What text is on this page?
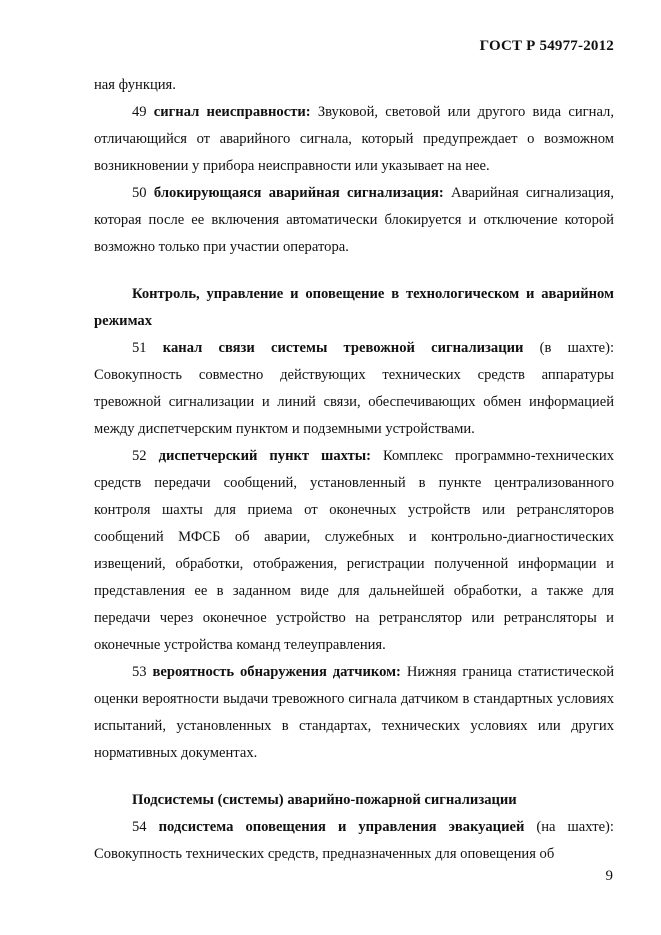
ГОСТ Р 54977-2012

ная функция.

49 сигнал неисправности: Звуковой, световой или другого вида сигнал, отличающийся от аварийного сигнала, который предупреждает о возможном возникновении у прибора неисправности или указывает на нее.

50 блокирующаяся аварийная сигнализация: Аварийная сигнализация, которая после ее включения автоматически блокируется и отключение которой возможно только при участии оператора.

Контроль, управление и оповещение в технологическом и аварийном режимах

51 канал связи системы тревожной сигнализации (в шахте): Совокупность совместно действующих технических средств аппаратуры тревожной сигнализации и линий связи, обеспечивающих обмен информацией между диспетчерским пунктом и подземными устройствами.

52 диспетчерский пункт шахты: Комплекс программно-технических средств передачи сообщений, установленный в пункте централизованного контроля шахты для приема от оконечных устройств или ретрансляторов сообщений МФСБ об аварии, служебных и контрольно-диагностических извещений, обработки, отображения, регистрации полученной информации и представления ее в заданном виде для дальнейшей обработки, а также для передачи через оконечное устройство на ретранслятор или ретрансляторы и оконечные устройства команд телеуправления.

53 вероятность обнаружения датчиком: Нижняя граница статистической оценки вероятности выдачи тревожного сигнала датчиком в стандартных условиях испытаний, установленных в стандартах, технических условиях или других нормативных документах.

Подсистемы (системы) аварийно-пожарной сигнализации

54 подсистема оповещения и управления эвакуацией (на шахте): Совокупность технических средств, предназначенных для оповещения об

9
